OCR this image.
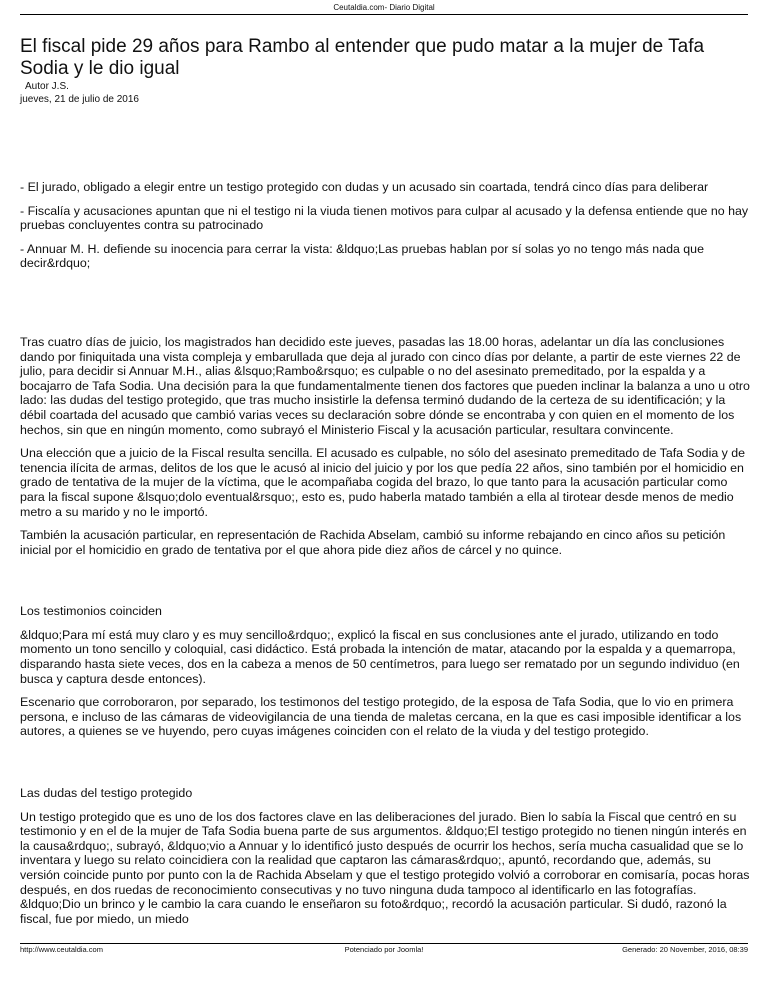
Ceutaldia.com- Diario Digital
El fiscal pide 29 años para Rambo al entender que pudo matar a la mujer de Tafa Sodia y le dio igual
Autor J.S.
jueves, 21 de julio de 2016

- El jurado, obligado a elegir entre un testigo protegido con dudas y un acusado sin coartada, tendrá cinco días para deliberar

- Fiscalía y acusaciones apuntan que ni el testigo ni la viuda tienen motivos para culpar al acusado y la defensa entiende que no hay pruebas concluyentes contra su patrocinado

- Annuar M. H. defiende su inocencia para cerrar la vista: &ldquo;Las pruebas hablan por sí solas yo no tengo más nada que decir&rdquo;

Tras cuatro días de juicio, los magistrados han decidido este jueves, pasadas las 18.00 horas, adelantar un día las conclusiones dando por finiquitada una vista compleja y embarullada que deja al jurado con cinco días por delante, a partir de este viernes 22 de julio, para decidir si Annuar M.H., alias &lsquo;Rambo&rsquo; es culpable o no del asesinato premeditado, por la espalda y a bocajarro de Tafa Sodia. Una decisión para la que fundamentalmente tienen dos factores que pueden inclinar la balanza a uno u otro lado: las dudas del testigo protegido, que tras mucho insistirle la defensa terminó dudando de la certeza de su identificación; y la débil coartada del acusado que cambió varias veces su declaración sobre dónde se encontraba y con quien en el momento de los hechos, sin que en ningún momento, como subrayó el Ministerio Fiscal y la acusación particular, resultara convincente.

Una elección que a juicio de la Fiscal resulta sencilla. El acusado es culpable, no sólo del asesinato premeditado de Tafa Sodia y de tenencia ilícita de armas, delitos de los que le acusó al inicio del juicio y por los que pedía 22 años, sino también por el homicidio en grado de tentativa de la mujer de la víctima, que le acompañaba cogida del brazo, lo que tanto para la acusación particular como para la fiscal supone &lsquo;dolo eventual&rsquo;, esto es, pudo haberla matado también a ella al tirotear desde menos de medio metro a su marido y no le importó.

También la acusación particular, en representación de Rachida Abselam, cambió su informe rebajando en cinco años su petición inicial por el homicidio en grado de tentativa por el que ahora pide diez años de cárcel y no quince.

Los testimonios coinciden

&ldquo;Para mí está muy claro y es muy sencillo&rdquo;, explicó la fiscal en sus conclusiones ante el jurado, utilizando en todo momento un tono sencillo y coloquial, casi didáctico. Está probada la intención de matar, atacando por la espalda y a quemarropa, disparando hasta siete veces, dos en la cabeza a menos de 50 centímetros, para luego ser rematado por un segundo individuo (en busca y captura desde entonces).

Escenario que corroboraron, por separado, los testimonos del testigo protegido, de la esposa de Tafa Sodia, que lo vio en primera persona, e incluso de las cámaras de videovigilancia de una tienda de maletas cercana, en la que es casi imposible identificar a los autores, a quienes se ve huyendo, pero cuyas imágenes coinciden con el relato de la viuda y del testigo protegido.

Las dudas del testigo protegido

Un testigo protegido que es uno de los dos factores clave en las deliberaciones del jurado. Bien lo sabía la Fiscal que centró en su testimonio y en el de la mujer de Tafa Sodia buena parte de sus argumentos. &ldquo;El testigo protegido no tienen ningún interés en la causa&rdquo;, subrayó, &ldquo;vio a Annuar y lo identificó justo después de ocurrir los hechos, sería mucha casualidad que se lo inventara y luego su relato coincidiera con la realidad que captaron las cámaras&rdquo;, apuntó, recordando que, además, su versión coincide punto por punto con la de Rachida Abselam y que el testigo protegido volvió a corroborar en comisaría, pocas horas después, en dos ruedas de reconocimiento consecutivas y no tuvo ninguna duda tampoco al identificarlo en las fotografías. &ldquo;Dio un brinco y le cambio la cara cuando le enseñaron su foto&rdquo;, recordó la acusación particular. Si dudó, razonó la fiscal, fue por miedo, un miedo

http://www.ceutaldia.com	Potenciado por Joomla!	Generado: 20 November, 2016, 08:39
